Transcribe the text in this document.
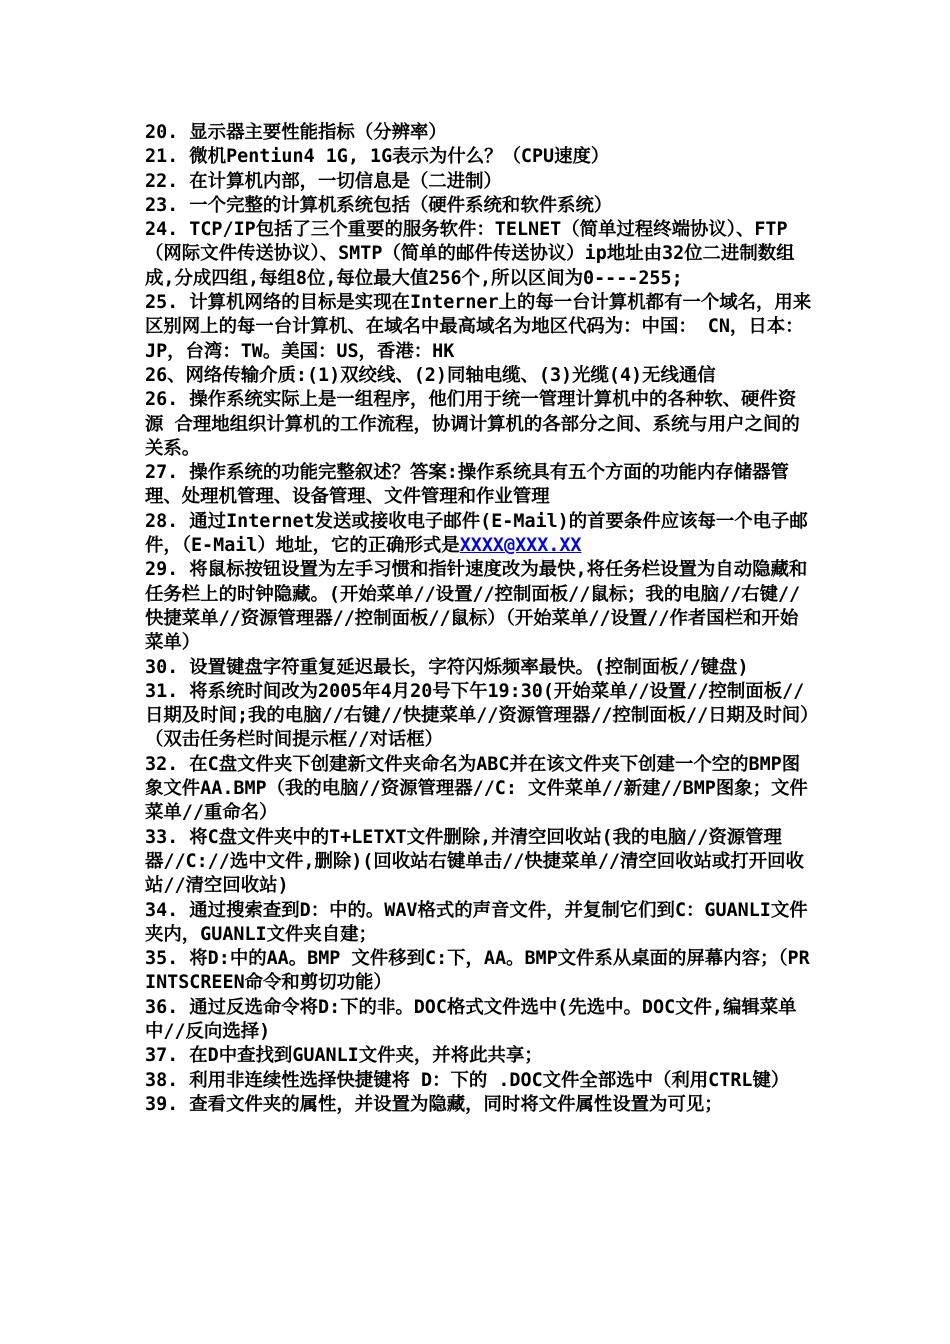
20. 显示器主要性能指标（分辨率）

21. 微机Pentiun4 1G, 1G表示为什么？（CPU速度）

22. 在计算机内部，一切信息是（二进制）

23. 一个完整的计算机系统包括（硬件系统和软件系统）

24. TCP/IP包括了三个重要的服务软件：TELNET（简单过程终端协议）、FTP（网际文件传送协议）、SMTP（简单的邮件传送协议）ip地址由32位二进制数组成,分成四组,每组8位,每位最大值256个,所以区间为0----255;

25. 计算机网络的目标是实现在Interner上的每一台计算机都有一个域名，用来区别网上的每一台计算机、在域名中最高域名为地区代码为：中国： CN，日本：JP，台湾：TW。美国：US，香港：HK

26、网络传输介质:(1)双绞线、(2)同轴电缆、(3)光缆(4)无线通信

26. 操作系统实际上是一组程序，他们用于统一管理计算机中的各种软、硬件资源 合理地组织计算机的工作流程，协调计算机的各部分之间、系统与用户之间的关系。

27. 操作系统的功能完整叙述？答案:操作系统具有五个方面的功能内存储器管理、处理机管理、设备管理、文件管理和作业管理

28. 通过Internet发送或接收电子邮件(E-Mail)的首要条件应该每一个电子邮件，（E-Mail）地址，它的正确形式是XXXX@XXX.XX

29. 将鼠标按钮设置为左手习惯和指针速度改为最快,将任务栏设置为自动隐藏和任务栏上的时钟隐藏。(开始菜单//设置//控制面板//鼠标；我的电脑//右键//快捷菜单//资源管理器//控制面板//鼠标）（开始菜单//设置//作者国栏和开始菜单）

30. 设置键盘字符重复延迟最长，字符闪烁频率最快。(控制面板//键盘)

31. 将系统时间改为2005年4月20号下午19:30(开始菜单//设置//控制面板//日期及时间;我的电脑//右键//快捷菜单//资源管理器//控制面板//日期及时间）（双击任务栏时间提示框//对话框）

32. 在C盘文件夹下创建新文件夹命名为ABC并在该文件夹下创建一个空的BMP图象文件AA.BMP（我的电脑//资源管理器//C: 文件菜单//新建//BMP图象；文件菜单//重命名）

33. 将C盘文件夹中的T+LETXT文件删除,并清空回收站(我的电脑//资源管理器//C://选中文件,删除)(回收站右键单击//快捷菜单//清空回收站或打开回收站//清空回收站)

34. 通过搜索查到D：中的。WAV格式的声音文件，并复制它们到C：GUANLI文件夹内，GUANLI文件夹自建；

35. 将D:中的AA。BMP 文件移到C:下，AA。BMP文件系从桌面的屏幕内容；（PRINTSCREEN命令和剪切功能）

36. 通过反选命令将D:下的非。DOC格式文件选中(先选中。DOC文件,编辑菜单中//反向选择)

37. 在D中查找到GUANLI文件夹，并将此共享；

38. 利用非连续性选择快捷键将 D：下的 .DOC文件全部选中（利用CTRL键）

39. 查看文件夹的属性，并设置为隐藏，同时将文件属性设置为可见；
